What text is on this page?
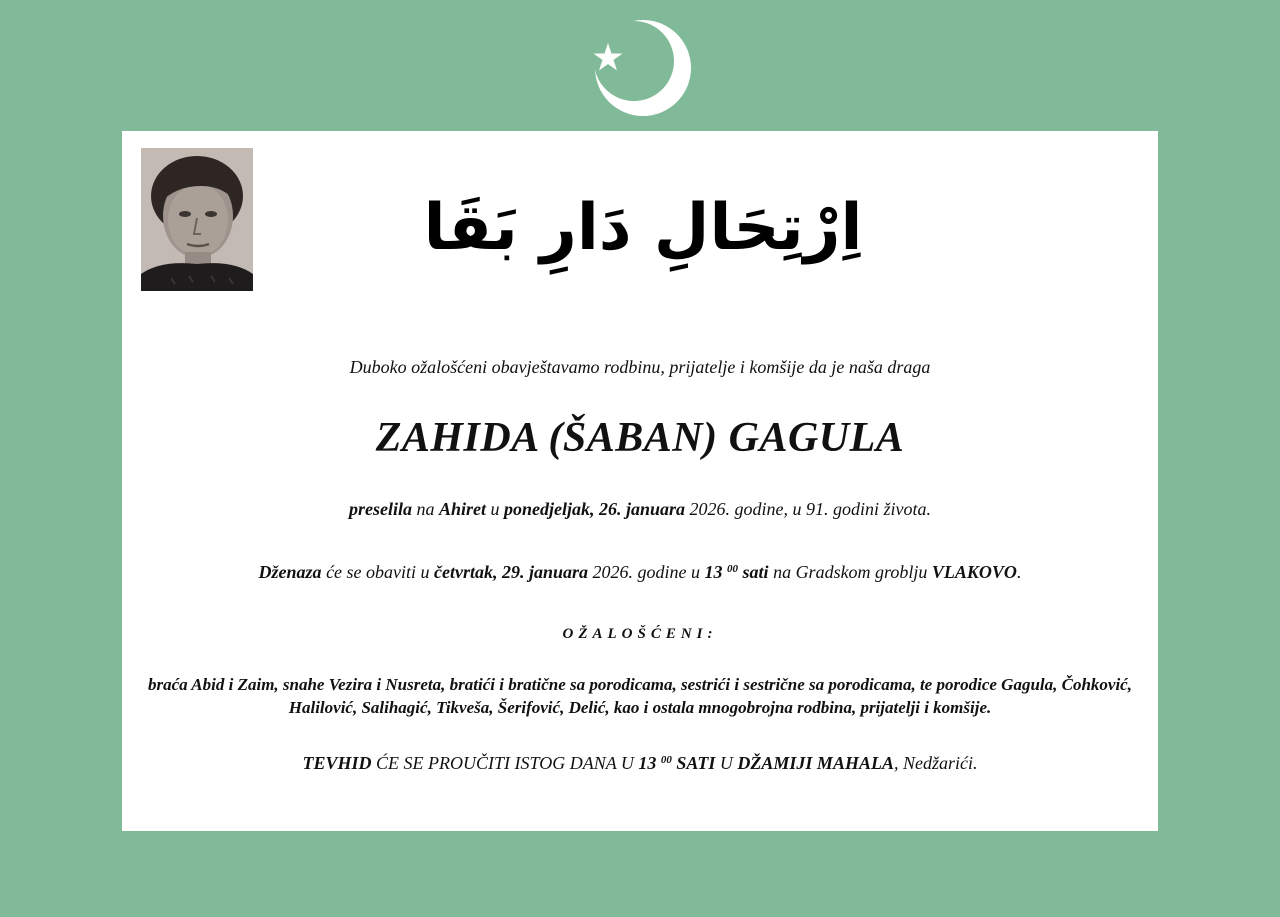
اِرْتِحَالِ دَارِ بَقَا
Duboko ožalošćeni obavještavamo rodbinu, prijatelje i komšije da je naša draga
ZAHIDA (ŠABAN) GAGULA
preselila na Ahiret u ponedjeljak, 26. januara 2026. godine, u 91. godini života.
Dženaza će se obaviti u četvrtak, 29. januara 2026. godine u 13 $^{00}$ sati na Gradskom groblju VLAKOVO.
OŽALOŠĆENI:
braća Abid i Zaim, snahe Vezira i Nusreta, bratići i bratične sa porodicama, sestrići i sestrične sa porodicama, te porodice Gagula, Čohković, Halilović, Salihagić, Tikveša, Šerifović, Delić, kao i ostala mnogobrojna rodbina, prijatelji i komšije.
TEVHID ĆE SE PROUČITI ISTOG DANA U 13 $^{00}$ SATI U DŽAMIJI MAHALA, Nedžarići.
